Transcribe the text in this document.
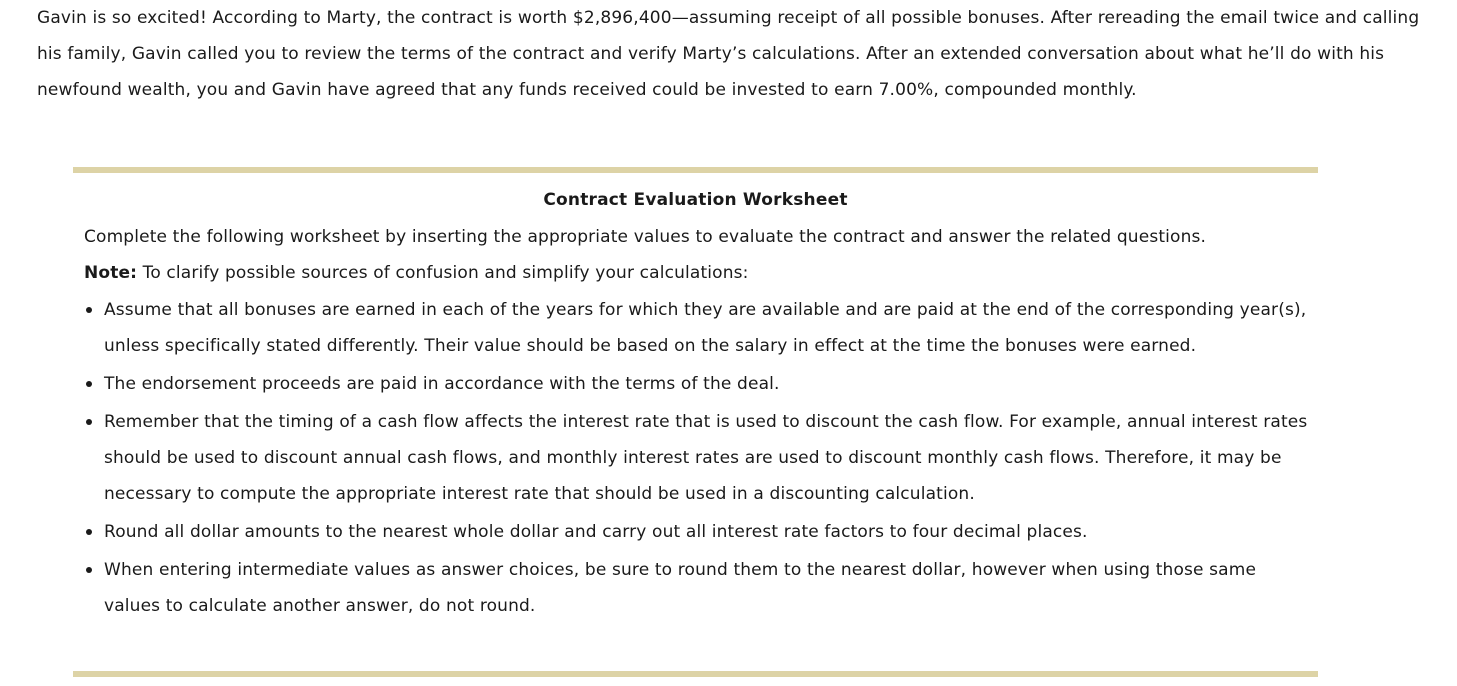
Gavin is so excited! According to Marty, the contract is worth $2,896,400—assuming receipt of all possible bonuses. After rereading the email twice and calling his family, Gavin called you to review the terms of the contract and verify Marty’s calculations. After an extended conversation about what he’ll do with his newfound wealth, you and Gavin have agreed that any funds received could be invested to earn 7.00%, compounded monthly.

Contract Evaluation Worksheet
Complete the following worksheet by inserting the appropriate values to evaluate the contract and answer the related questions.
Note: To clarify possible sources of confusion and simplify your calculations:
Assume that all bonuses are earned in each of the years for which they are available and are paid at the end of the corresponding year(s), unless specifically stated differently. Their value should be based on the salary in effect at the time the bonuses were earned.
The endorsement proceeds are paid in accordance with the terms of the deal.
Remember that the timing of a cash flow affects the interest rate that is used to discount the cash flow. For example, annual interest rates should be used to discount annual cash flows, and monthly interest rates are used to discount monthly cash flows. Therefore, it may be necessary to compute the appropriate interest rate that should be used in a discounting calculation.
Round all dollar amounts to the nearest whole dollar and carry out all interest rate factors to four decimal places.
When entering intermediate values as answer choices, be sure to round them to the nearest dollar, however when using those same values to calculate another answer, do not round.
